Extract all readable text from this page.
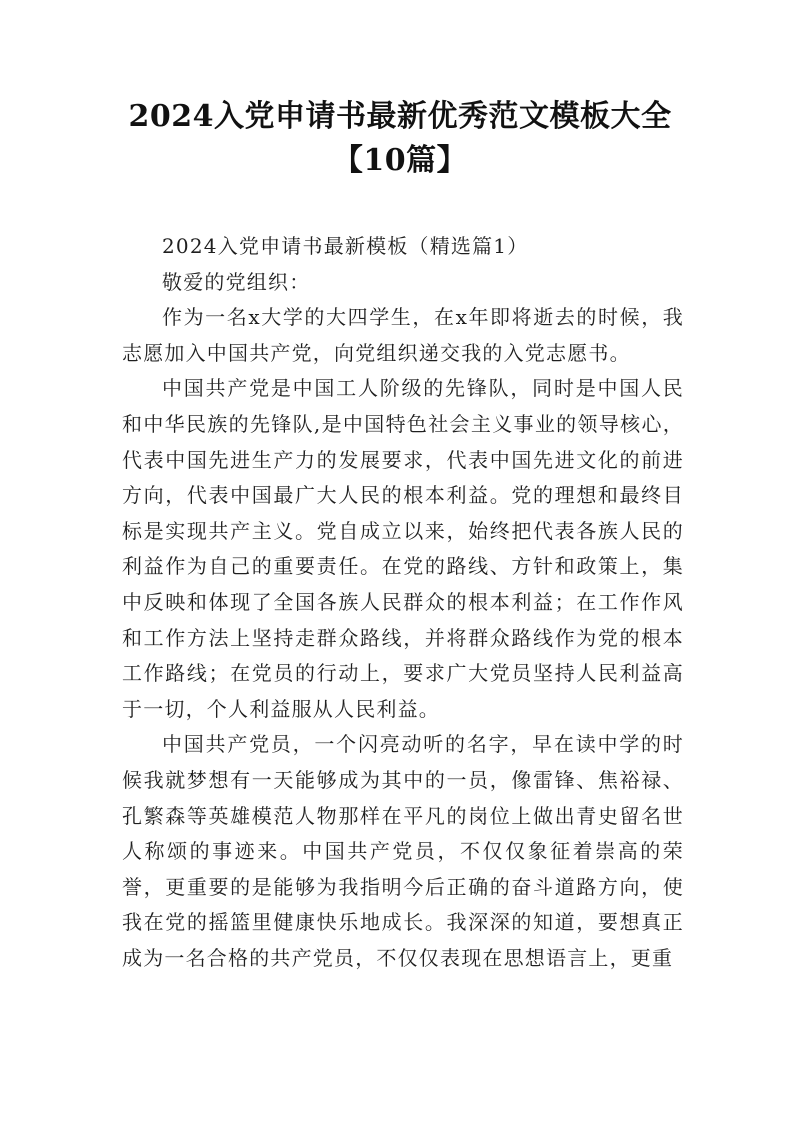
2024入党申请书最新优秀范文模板大全【10篇】

2024入党申请书最新模板（精选篇1）

敬爱的党组织：

作为一名x大学的大四学生，在x年即将逝去的时候，我志愿加入中国共产党，向党组织递交我的入党志愿书。

中国共产党是中国工人阶级的先锋队，同时是中国人民和中华民族的先锋队,是中国特色社会主义事业的领导核心，代表中国先进生产力的发展要求，代表中国先进文化的前进方向，代表中国最广大人民的根本利益。党的理想和最终目标是实现共产主义。党自成立以来，始终把代表各族人民的利益作为自己的重要责任。在党的路线、方针和政策上，集中反映和体现了全国各族人民群众的根本利益；在工作作风和工作方法上坚持走群众路线，并将群众路线作为党的根本工作路线；在党员的行动上，要求广大党员坚持人民利益高于一切，个人利益服从人民利益。

中国共产党员，一个闪亮动听的名字，早在读中学的时候我就梦想有一天能够成为其中的一员，像雷锋、焦裕禄、孔繁森等英雄模范人物那样在平凡的岗位上做出青史留名世人称颂的事迹来。中国共产党员，不仅仅象征着崇高的荣誉，更重要的是能够为我指明今后正确的奋斗道路方向，使我在党的摇篮里健康快乐地成长。我深深的知道，要想真正成为一名合格的共产党员，不仅仅表现在思想语言上，更重
